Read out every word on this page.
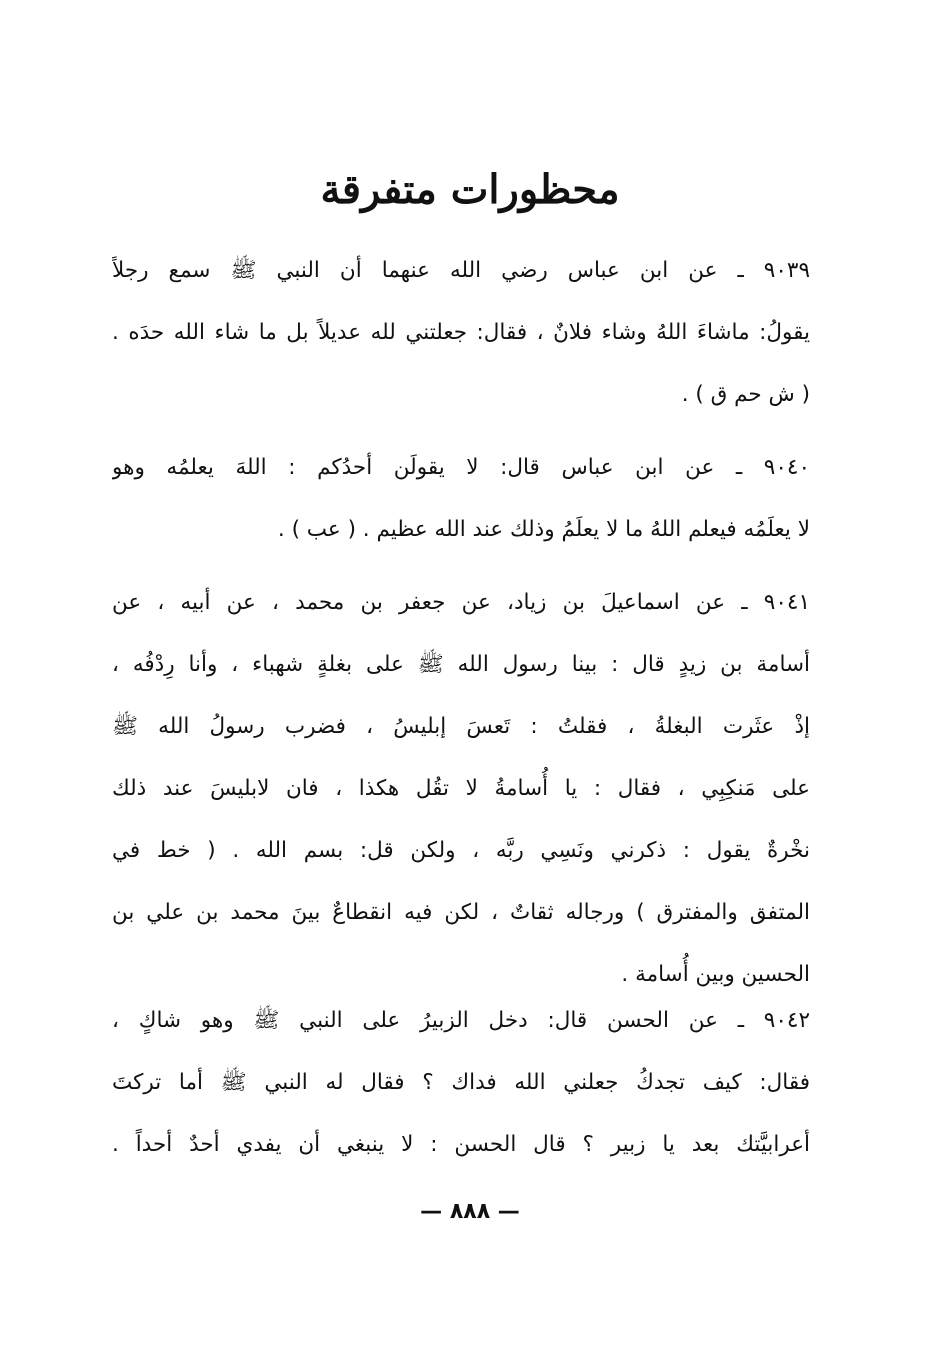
محظورات متفرقة
٩٠٣٩ ـ عن ابن عباس رضي الله عنهما أن النبي ﷺ سمع رجلاً
يقولُ: ماشاءَ اللهُ وشاء فلانٌ ، فقال: جعلتني لله عديلاً بل ما شاء الله حدَه .
( ش حم ق ) .
٩٠٤٠ ـ عن ابن عباس قال: لا يقولَن أحدُكم : اللهَ يعلمُه وهو
لا يعلَمُه فيعلم اللهُ ما لا يعلَمُ وذلك عند الله عظيم . ( عب ) .
٩٠٤١ ـ عن اسماعيلَ بن زياد، عن جعفر بن محمد ، عن أبيه ، عن
أسامة بن زيدٍ قال : بينا رسول الله ﷺ على بغلةٍ شهباء ، وأنا رِدْفُه ،
إذْ عثَرت البغلةُ ، فقلتُ : تَعسَ إبليسُ ، فضرب رسولُ الله ﷺ
على مَنكِبِي ، فقال : يا أُسامةُ لا تقُل هكذا ، فان لابليسَ عند ذلك
نخْرةٌ يقول : ذكرني ونَسِي ربَّه ، ولكن قل: بسم الله . ( خط في
المتفق والمفترق ) ورجاله ثقاتٌ ، لكن فيه انقطاعٌ بينَ محمد بن علي بن
الحسين وبين أُسامة .
٩٠٤٢ ـ عن الحسن قال: دخل الزبيرُ على النبي ﷺ وهو شاكٍ ،
فقال: كيف تجدكُ جعلني الله فداك ؟ فقال له النبي ﷺ أما تركتَ
أعرابيَّتك بعد يا زبير ؟ قال الحسن : لا ينبغي أن يفدي أحدٌ أحداً .
— ٨٨٨ —
